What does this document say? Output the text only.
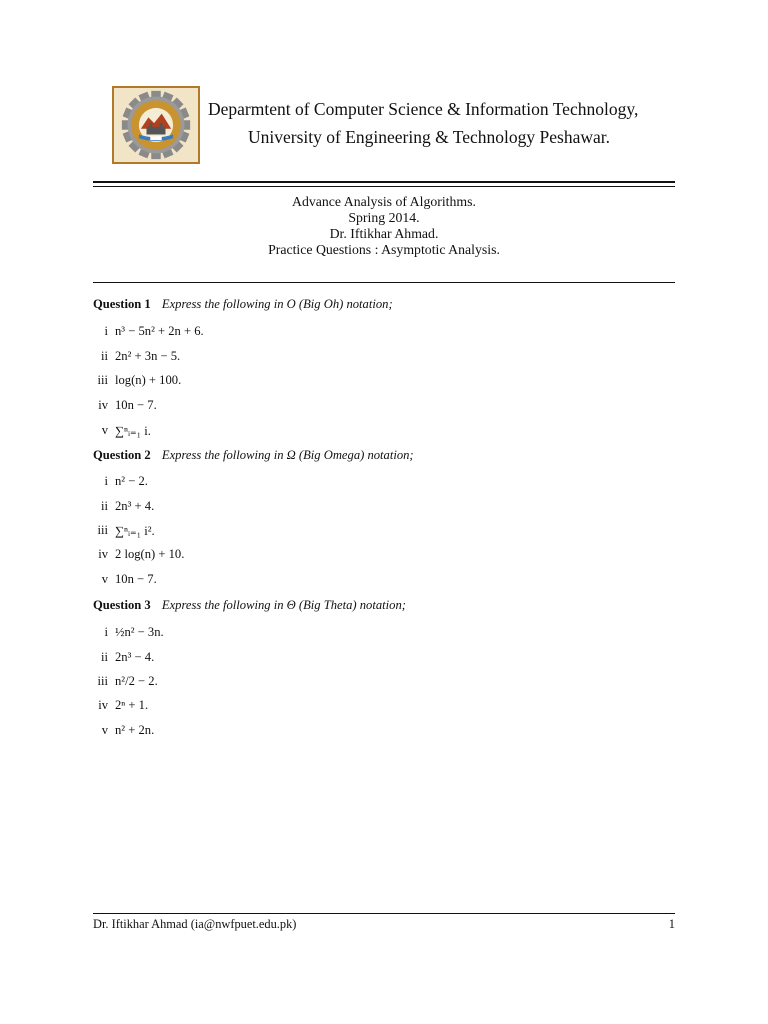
Deparmtent of Computer Science & Information Technology,
University of Engineering & Technology Peshawar.
Advance Analysis of Algorithms.
Spring 2014.
Dr. Iftikhar Ahmad.
Practice Questions : Asymptotic Analysis.
Question 1 Express the following in O (Big Oh) notation;
i n³ − 5n² + 2n + 6.
ii 2n² + 3n − 5.
iii log(n) + 100.
iv 10n − 7.
v ∑ⁿᵢ₌₁ i.
Question 2 Express the following in Ω (Big Omega) notation;
i n² − 2.
ii 2n³ + 4.
iii ∑ⁿᵢ₌₁ i².
iv 2 log(n) + 10.
v 10n − 7.
Question 3 Express the following in Θ (Big Theta) notation;
i ½n² − 3n.
ii 2n³ − 4.
iii n²/2 − 2.
iv 2ⁿ + 1.
v n² + 2n.
Dr. Iftikhar Ahmad (ia@nwfpuet.edu.pk)	1
